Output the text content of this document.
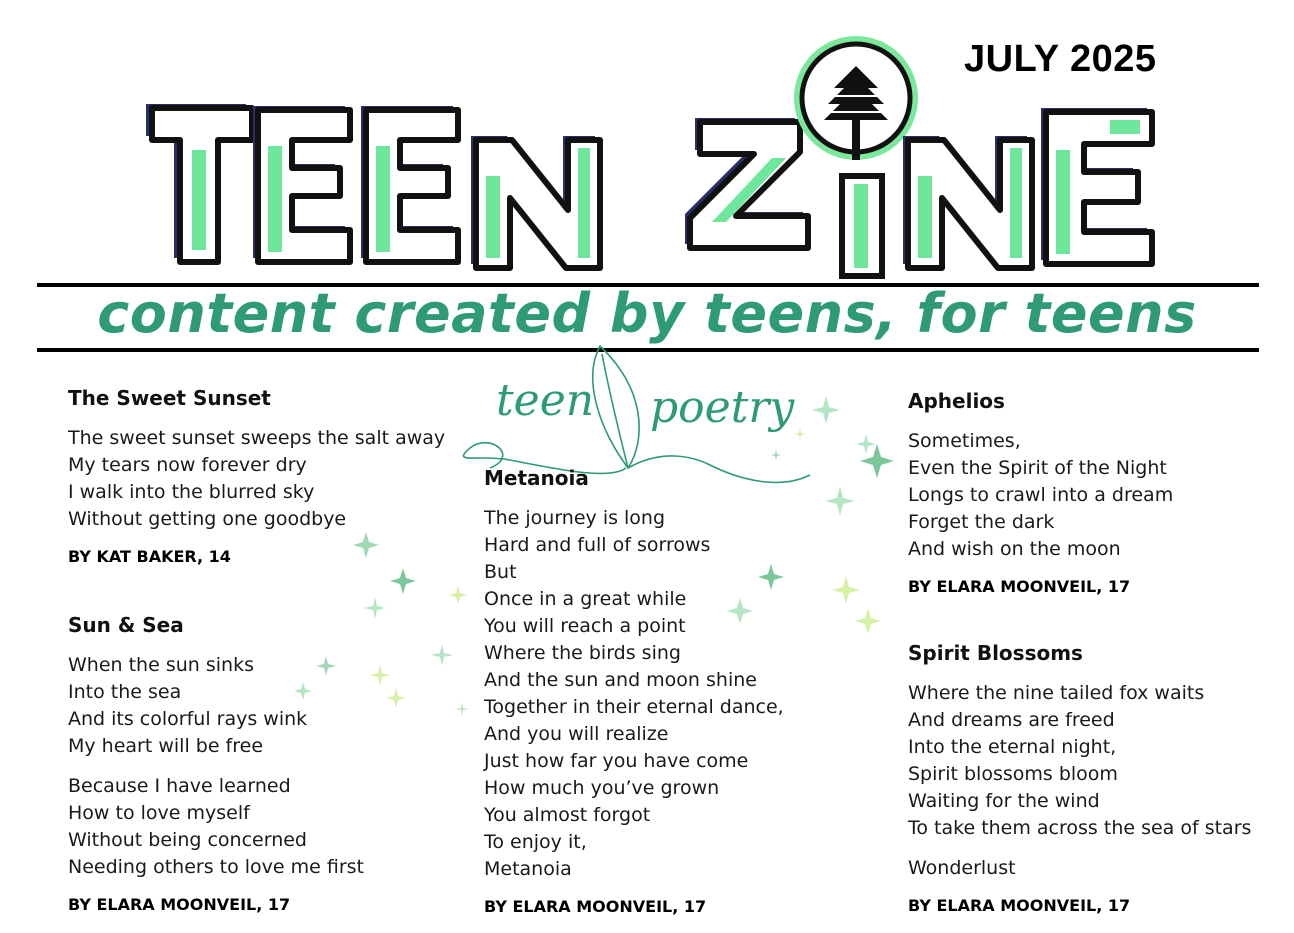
JULY 2025
content created by teens, for teens
teen poetry
The Sweet Sunset
The sweet sunset sweeps the salt away
My tears now forever dry
I walk into the blurred sky
Without getting one goodbye
BY KAT BAKER, 14
Sun & Sea
When the sun sinks
Into the sea
And its colorful rays wink
My heart will be free
Because I have learned
How to love myself
Without being concerned
Needing others to love me first
BY ELARA MOONVEIL, 17
Metanoia
The journey is long
Hard and full of sorrows
But
Once in a great while
You will reach a point
Where the birds sing
And the sun and moon shine
Together in their eternal dance,
And you will realize
Just how far you have come
How much you’ve grown
You almost forgot
To enjoy it,
Metanoia
BY ELARA MOONVEIL, 17
Aphelios
Sometimes,
Even the Spirit of the Night
Longs to crawl into a dream
Forget the dark
And wish on the moon
BY ELARA MOONVEIL, 17
Spirit Blossoms
Where the nine tailed fox waits
And dreams are freed
Into the eternal night,
Spirit blossoms bloom
Waiting for the wind
To take them across the sea of stars
Wonderlust
BY ELARA MOONVEIL, 17
